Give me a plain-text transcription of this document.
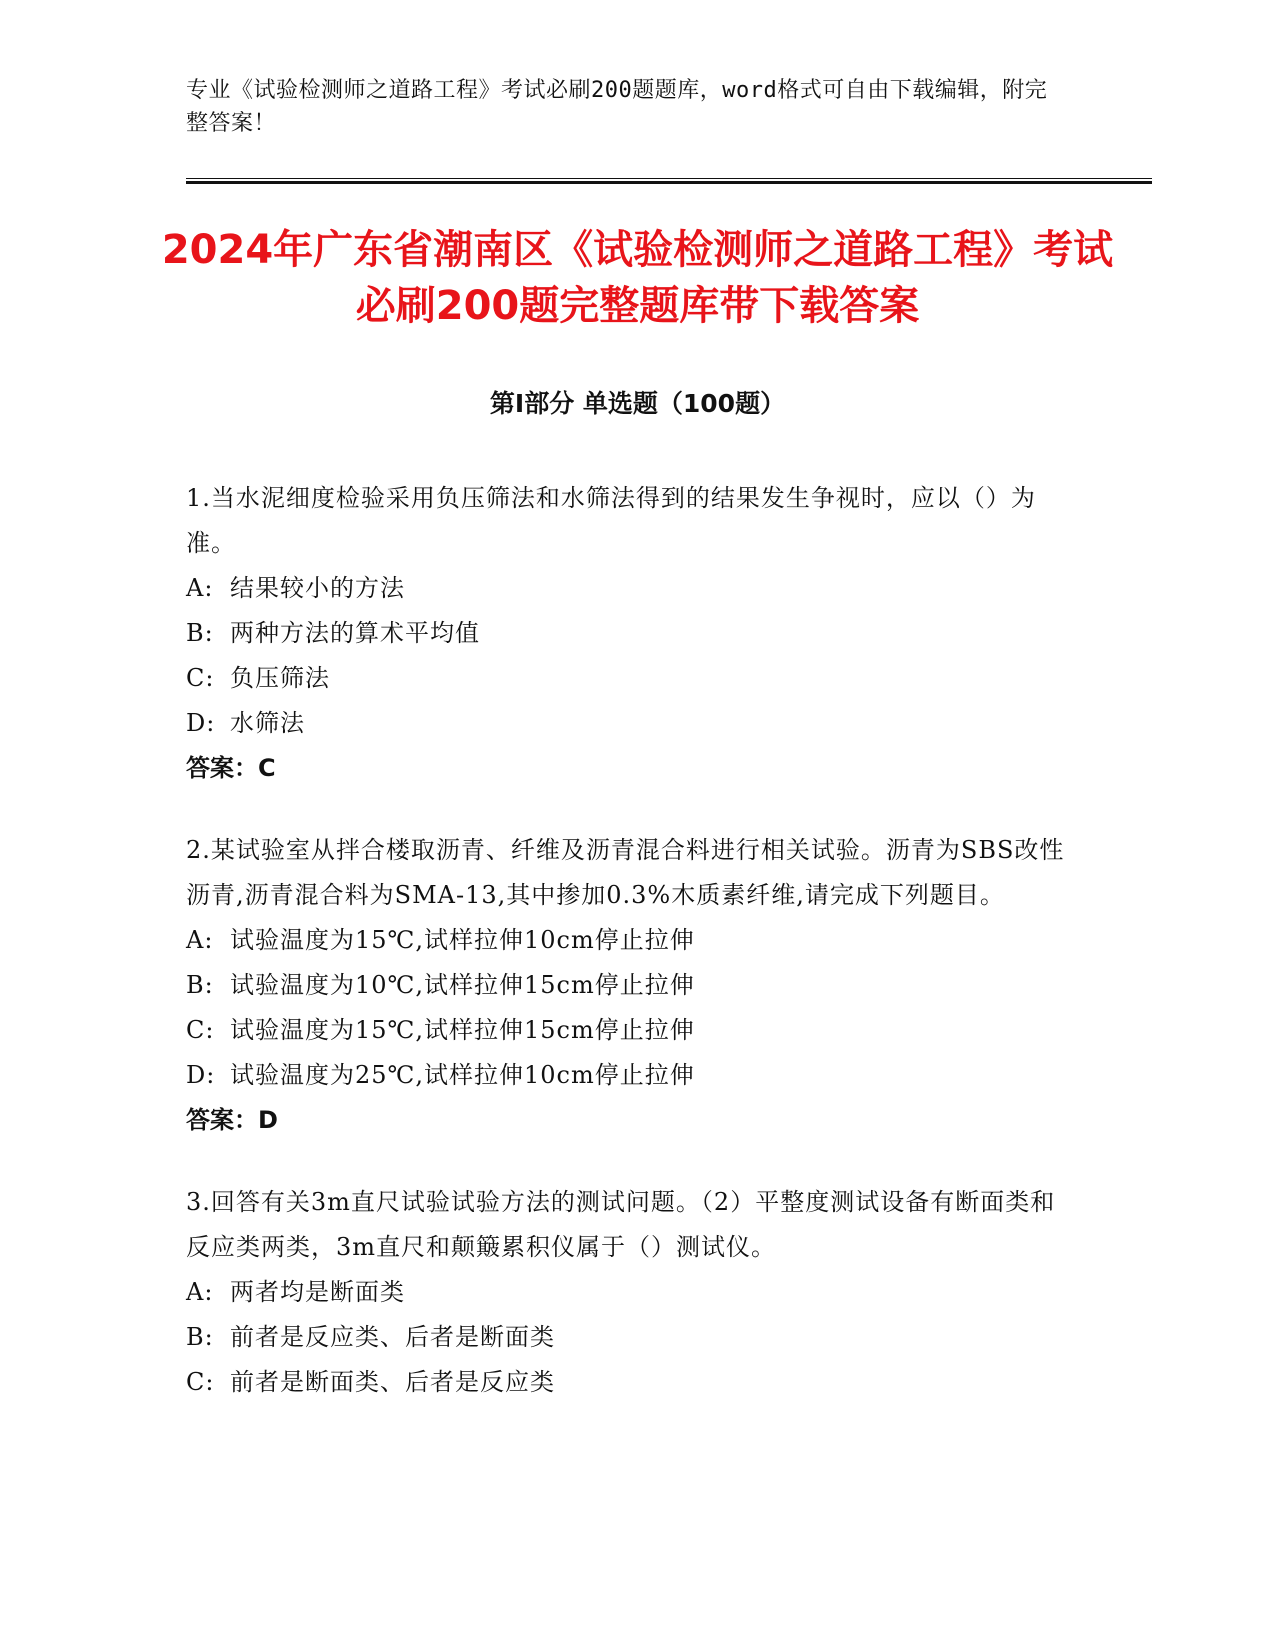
专业《试验检测师之道路工程》考试必刷200题题库，word格式可自由下载编辑，附完整答案！
2024年广东省潮南区《试验检测师之道路工程》考试必刷200题完整题库带下载答案
第Ⅰ部分 单选题（100题）
1.当水泥细度检验采用负压筛法和水筛法得到的结果发生争视时，应以（）为准。
A: 结果较小的方法
B: 两种方法的算术平均值
C: 负压筛法
D: 水筛法
答案：C
2.某试验室从拌合楼取沥青、纤维及沥青混合料进行相关试验。沥青为SBS改性沥青,沥青混合料为SMA-13,其中掺加0.3%木质素纤维,请完成下列题目。
A: 试验温度为15℃,试样拉伸10cm停止拉伸
B: 试验温度为10℃,试样拉伸15cm停止拉伸
C: 试验温度为15℃,试样拉伸15cm停止拉伸
D: 试验温度为25℃,试样拉伸10cm停止拉伸
答案：D
3.回答有关3m直尺试验试验方法的测试问题。（2）平整度测试设备有断面类和反应类两类，3m直尺和颠簸累积仪属于（）测试仪。
A: 两者均是断面类
B: 前者是反应类、后者是断面类
C: 前者是断面类、后者是反应类
